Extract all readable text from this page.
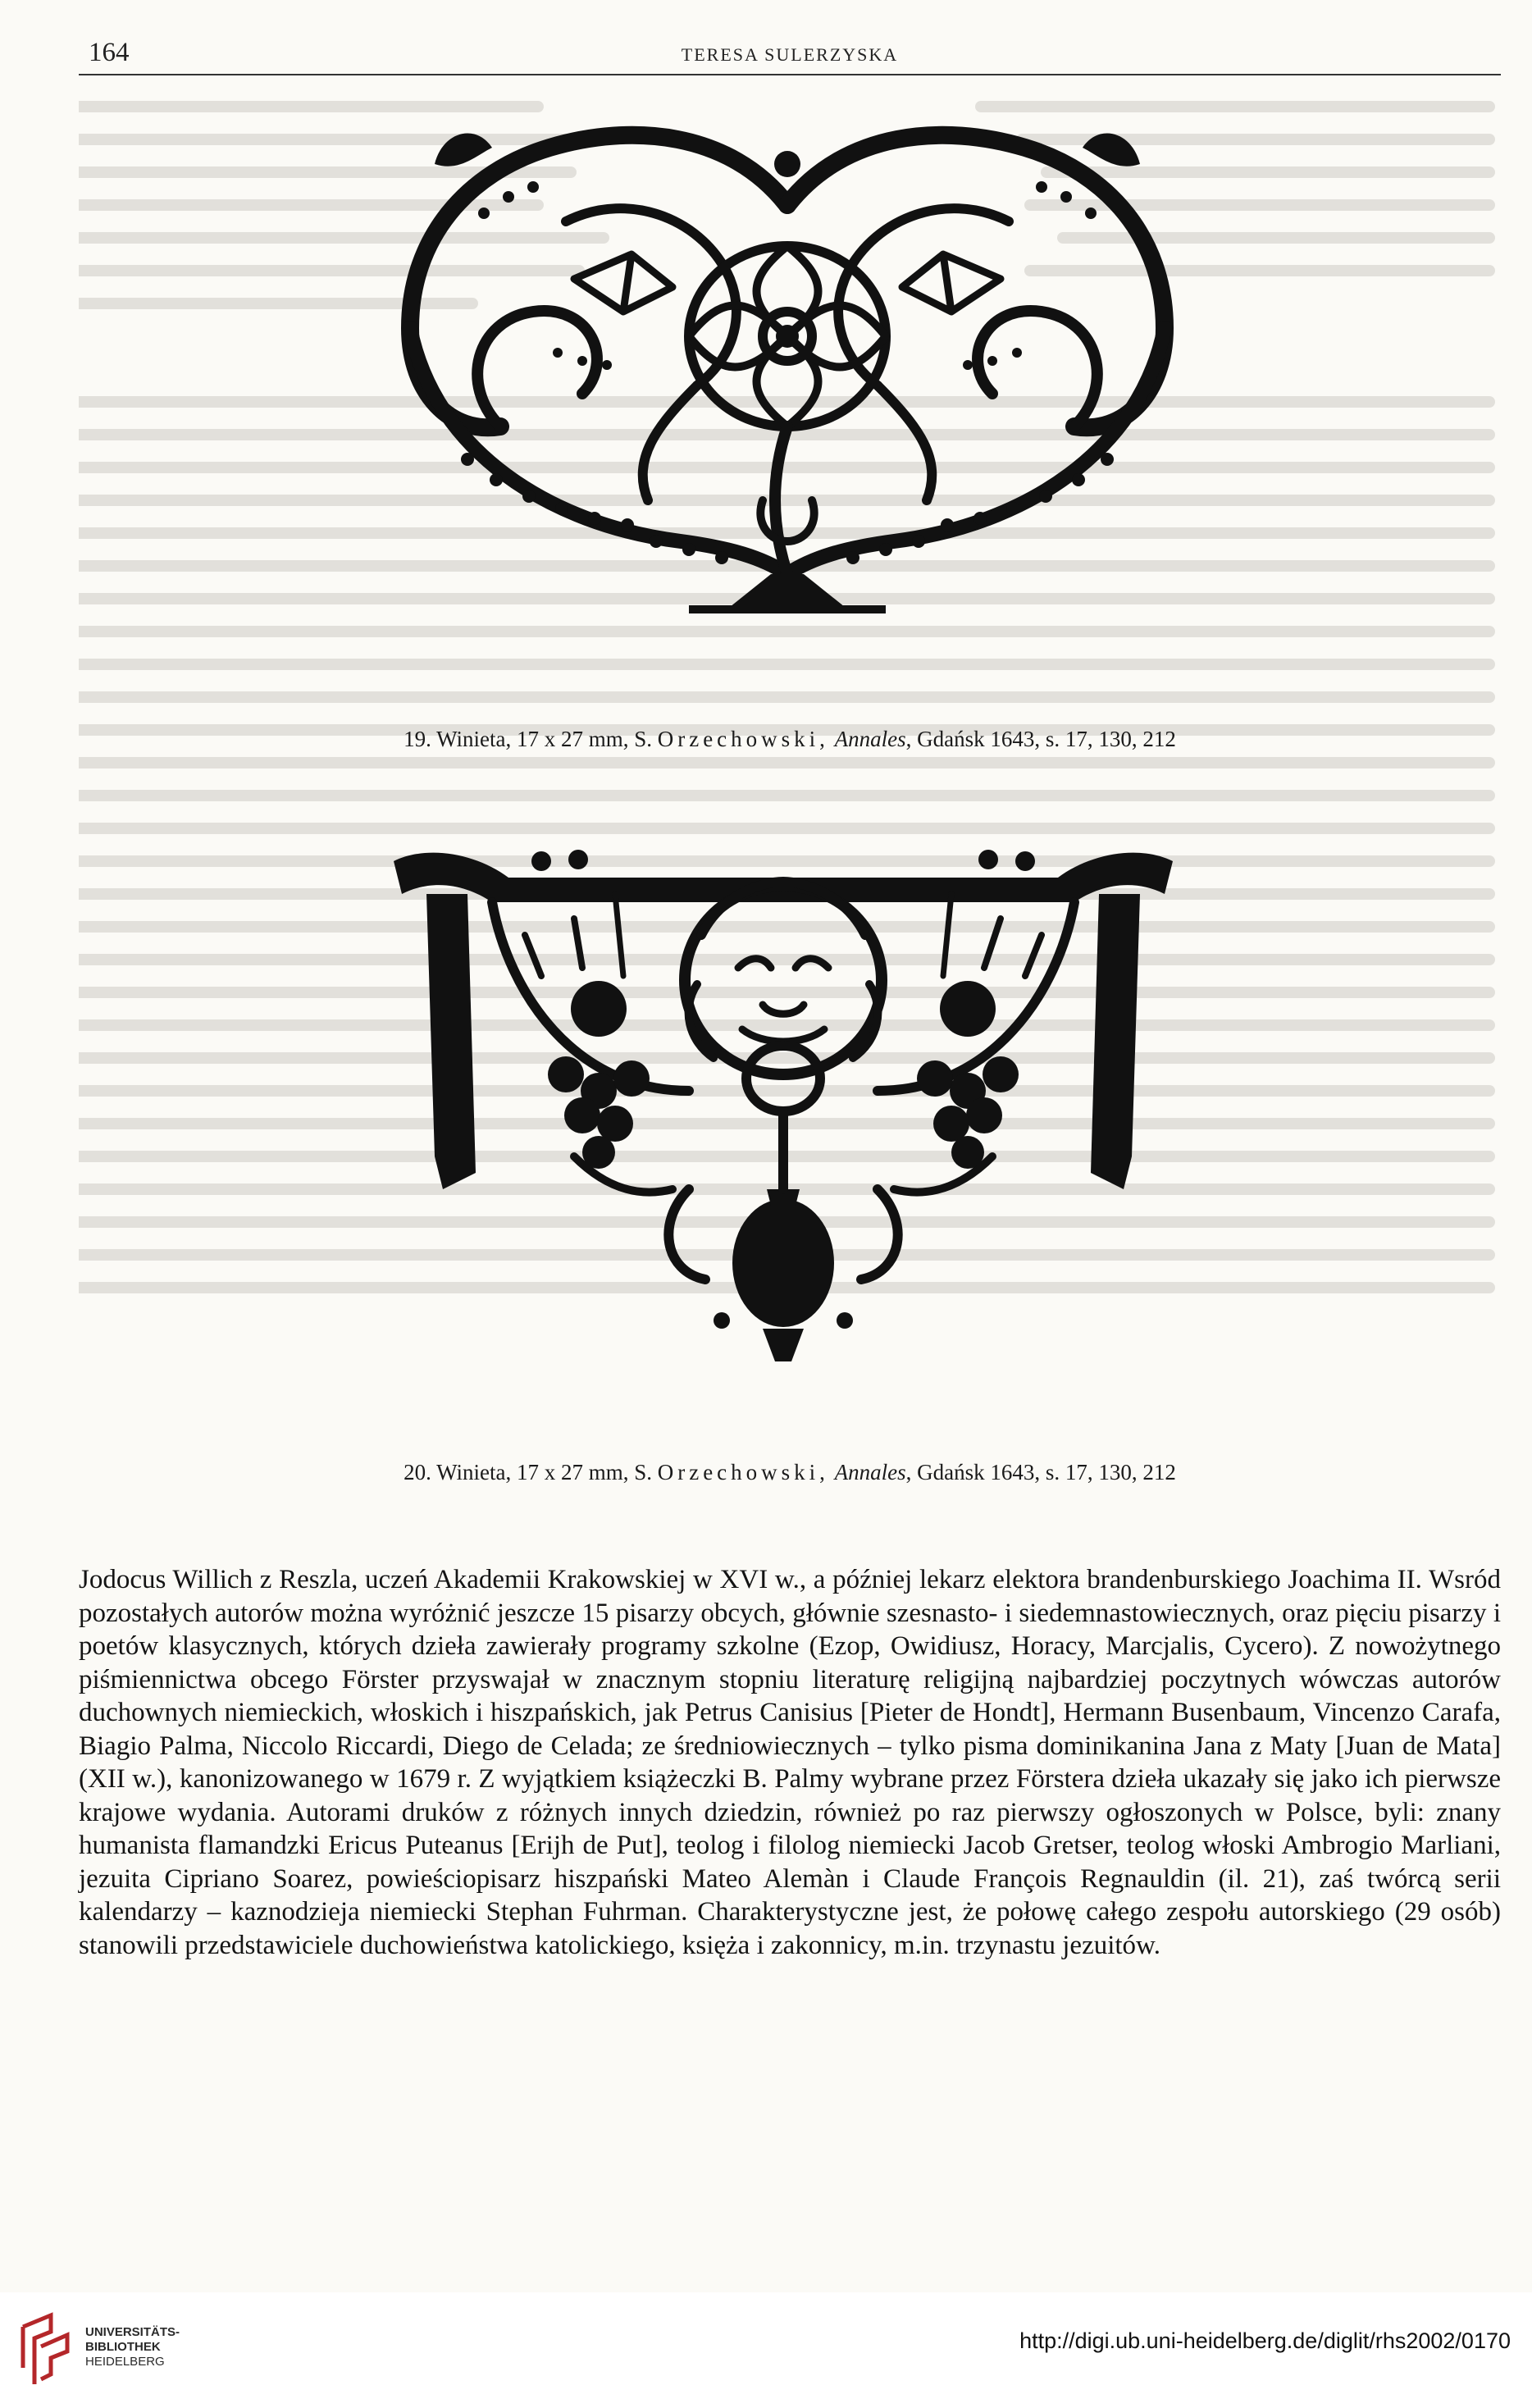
164	TERESA SULERZYSKA
19. Winieta, 17 x 27 mm, S. Orzechowski, Annales, Gdańsk 1643, s. 17, 130, 212
20. Winieta, 17 x 27 mm, S. Orzechowski, Annales, Gdańsk 1643, s. 17, 130, 212

Jodocus Willich z Reszla, uczeń Akademii Krakowskiej w XVI w., a później lekarz elektora brandenburskiego Joachima II. Wsród pozostałych autorów można wyróżnić jeszcze 15 pisarzy obcych, głównie szesnasto- i siedemnastowiecznych, oraz pięciu pisarzy i poetów klasycznych, których dzieła zawierały programy szkolne (Ezop, Owidiusz, Horacy, Marcjalis, Cycero). Z nowożytnego piśmiennictwa obcego Förster przyswajał w znacznym stopniu literaturę religijną najbardziej poczytnych wówczas autorów duchownych niemieckich, włoskich i hiszpańskich, jak Petrus Canisius [Pieter de Hondt], Hermann Busenbaum, Vincenzo Carafa, Biagio Palma, Niccolo Riccardi, Diego de Celada; ze średniowiecznych – tylko pisma dominikanina Jana z Maty [Juan de Mata] (XII w.), kanonizowanego w 1679 r. Z wyjątkiem książeczki B. Palmy wybrane przez Förstera dzieła ukazały się jako ich pierwsze krajowe wydania. Autorami druków z różnych innych dziedzin, również po raz pierwszy ogłoszonych w Polsce, byli: znany humanista flamandzki Ericus Puteanus [Erijh de Put], teolog i filolog niemiecki Jacob Gretser, teolog włoski Ambrogio Marliani, jezuita Cipriano Soarez, powieściopisarz hiszpański Mateo Alemàn i Claude François Regnauldin (il. 21), zaś twórcą serii kalendarzy – kaznodzieja niemiecki Stephan Fuhrman. Charakterystyczne jest, że połowę całego zespołu autorskiego (29 osób) stanowili przedstawiciele duchowieństwa katolickiego, księża i zakonnicy, m.in. trzynastu jezuitów.

UNIVERSITÄTS-
BIBLIOTHEK
HEIDELBERG
http://digi.ub.uni-heidelberg.de/diglit/rhs2002/0170
